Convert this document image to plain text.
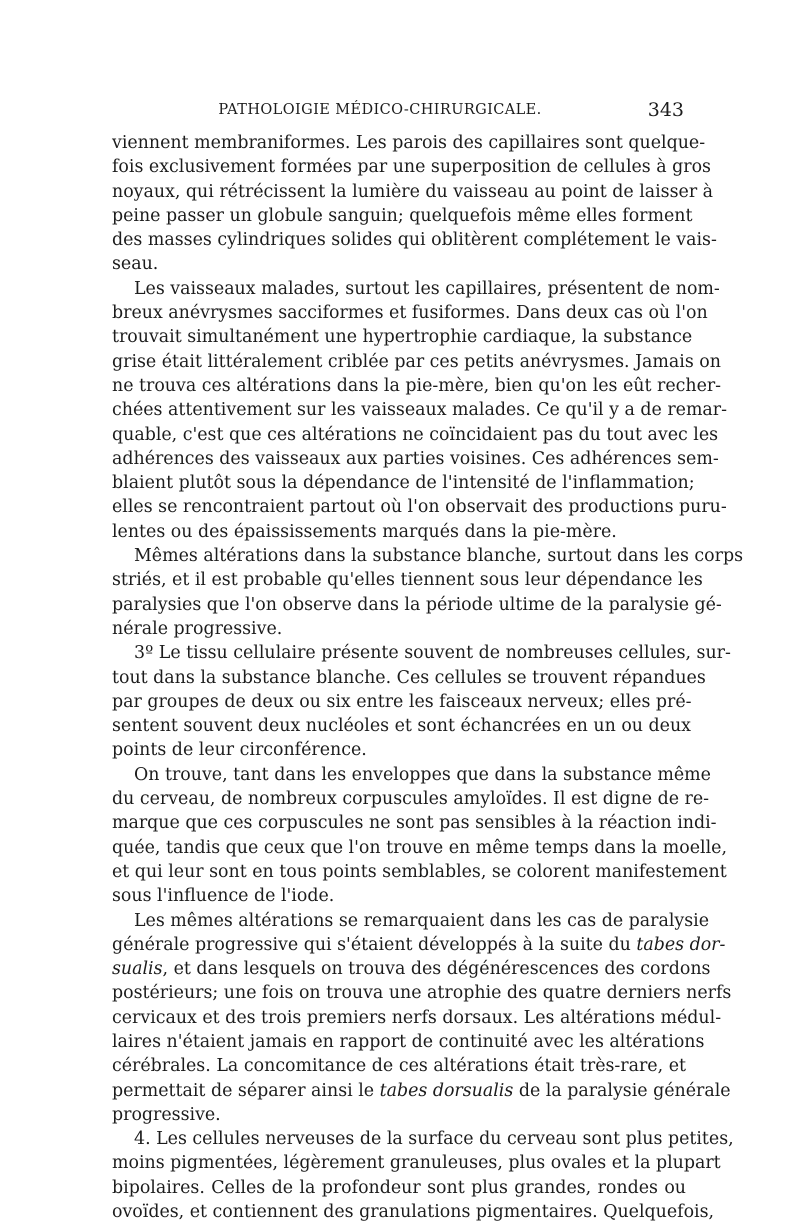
PATHOLOIGIE MÉDICO-CHIRURGICALE.	343
viennent membraniformes. Les parois des capillaires sont quelque-
fois exclusivement formées par une superposition de cellules à gros
noyaux, qui rétrécissent la lumière du vaisseau au point de laisser à
peine passer un globule sanguin; quelquefois même elles forment
des masses cylindriques solides qui oblitèrent complétement le vais-
seau.
Les vaisseaux malades, surtout les capillaires, présentent de nom-
breux anévrysmes sacciformes et fusiformes. Dans deux cas où l'on
trouvait simultanément une hypertrophie cardiaque, la substance
grise était littéralement criblée par ces petits anévrysmes. Jamais on
ne trouva ces altérations dans la pie-mère, bien qu'on les eût recher-
chées attentivement sur les vaisseaux malades. Ce qu'il y a de remar-
quable, c'est que ces altérations ne coïncidaient pas du tout avec les
adhérences des vaisseaux aux parties voisines. Ces adhérences sem-
blaient plutôt sous la dépendance de l'intensité de l'inflammation;
elles se rencontraient partout où l'on observait des productions puru-
lentes ou des épaississements marqués dans la pie-mère.
Mêmes altérations dans la substance blanche, surtout dans les corps
striés, et il est probable qu'elles tiennent sous leur dépendance les
paralysies que l'on observe dans la période ultime de la paralysie gé-
nérale progressive.
3º Le tissu cellulaire présente souvent de nombreuses cellules, sur-
tout dans la substance blanche. Ces cellules se trouvent répandues
par groupes de deux ou six entre les faisceaux nerveux; elles pré-
sentent souvent deux nucléoles et sont échancrées en un ou deux
points de leur circonférence.
On trouve, tant dans les enveloppes que dans la substance même
du cerveau, de nombreux corpuscules amyloïdes. Il est digne de re-
marque que ces corpuscules ne sont pas sensibles à la réaction indi-
quée, tandis que ceux que l'on trouve en même temps dans la moelle,
et qui leur sont en tous points semblables, se colorent manifestement
sous l'influence de l'iode.
Les mêmes altérations se remarquaient dans les cas de paralysie
générale progressive qui s'étaient développés à la suite du tabes dor-
sualis, et dans lesquels on trouva des dégénérescences des cordons
postérieurs; une fois on trouva une atrophie des quatre derniers nerfs
cervicaux et des trois premiers nerfs dorsaux. Les altérations médul-
laires n'étaient jamais en rapport de continuité avec les altérations
cérébrales. La concomitance de ces altérations était très-rare, et
permettait de séparer ainsi le tabes dorsualis de la paralysie générale
progressive.
4. Les cellules nerveuses de la surface du cerveau sont plus petites,
moins pigmentées, légèrement granuleuses, plus ovales et la plupart
bipolaires. Celles de la profondeur sont plus grandes, rondes ou
ovoïdes, et contiennent des granulations pigmentaires. Quelquefois,
